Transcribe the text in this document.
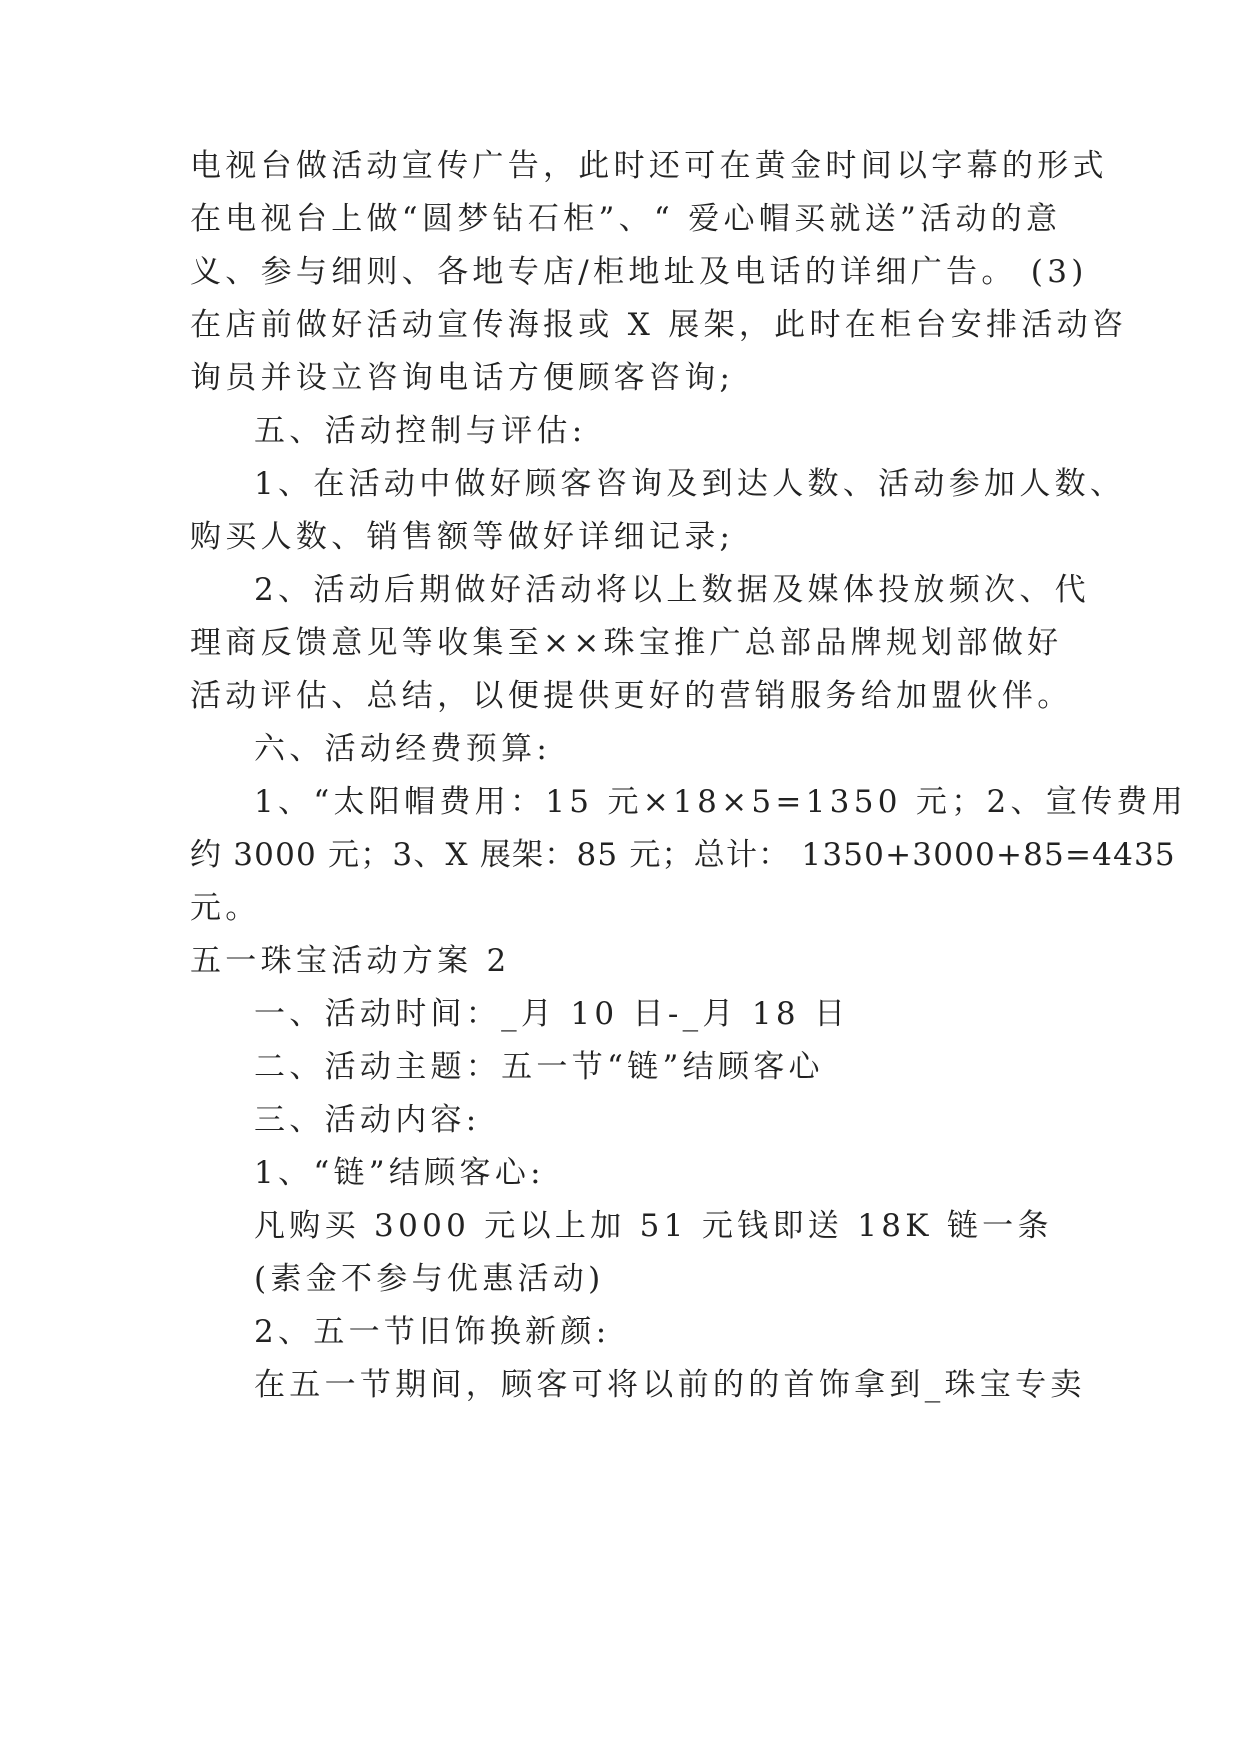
电视台做活动宣传广告，此时还可在黄金时间以字幕的形式
在电视台上做“圆梦钻石柜”、“ 爱心帽买就送”活动的意
义、参与细则、各地专店/柜地址及电话的详细广告。 (3)
在店前做好活动宣传海报或 X 展架，此时在柜台安排活动咨
询员并设立咨询电话方便顾客咨询;
五、活动控制与评估:
1、在活动中做好顾客咨询及到达人数、活动参加人数、
购买人数、销售额等做好详细记录;
2、活动后期做好活动将以上数据及媒体投放频次、代
理商反馈意见等收集至××珠宝推广总部品牌规划部做好
活动评估、总结，以便提供更好的营销服务给加盟伙伴。
六、活动经费预算:
1、“太阳帽费用：15 元×18×5=1350 元；2、宣传费用
约 3000 元；3、X 展架：85 元；总计： 1350+3000+85=4435
元。
五一珠宝活动方案 2
一、活动时间：_月 10 日-_月 18 日
二、活动主题：五一节“链”结顾客心
三、活动内容:
1、“链”结顾客心:
凡购买 3000 元以上加 51 元钱即送 18K 链一条
(素金不参与优惠活动)
2、五一节旧饰换新颜:
在五一节期间，顾客可将以前的的首饰拿到_珠宝专卖
